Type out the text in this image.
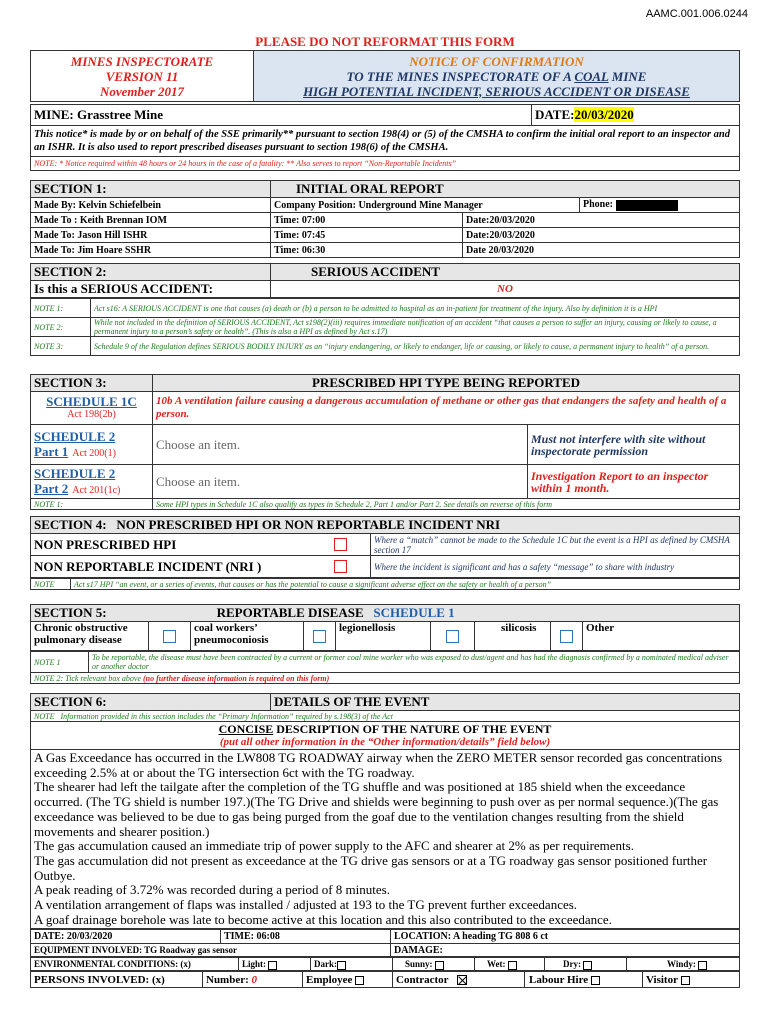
AAMC.001.006.0244
PLEASE DO NOT REFORMAT THIS FORM
MINES INSPECTORATE
VERSION 11
November 2017

NOTICE OF CONFIRMATION
TO THE MINES INSPECTORATE OF A COAL MINE
HIGH POTENTIAL INCIDENT, SERIOUS ACCIDENT OR DISEASE
MINE: Grasstree Mine	DATE:20/03/2020
This notice* is made by or on behalf of the SSE primarily** pursuant to section 198(4) or (5) of the CMSHA to confirm the initial oral report to an inspector and an ISHR. It is also used to report prescribed diseases pursuant to section 198(6) of the CMSHA.
NOTE: * Notice required within 48 hours or 24 hours in the case of a fatality: ** Also serves to report “Non-Reportable Incidents”
SECTION 1:	INITIAL ORAL REPORT		
Made By: Kelvin Schiefelbein	Company Position: Underground Mine Manager		Phone:
Made To : Keith Brennan IOM	Time: 07:00	Date:20/03/2020	
Made To: Jason Hill ISHR	Time: 07:45	Date:20/03/2020	
Made To: Jim Hoare SSHR	Time: 06:30	Date 20/03/2020	
SECTION 2:	SERIOUS ACCIDENT
Is this a SERIOUS ACCIDENT:	NO
NOTE 1:	Act s16: A SERIOUS ACCIDENT is one that causes (a) death or (b) a person to be admitted to hospital as an in-patient for treatment of the injury. Also by definition it is a HPI
NOTE 2:	While not included in the definition of SERIOUS ACCIDENT, Act s198(2)(iii) requires immediate notification of an accident “that causes a person to suffer an injury, causing or likely to cause, a permanent injury to a person’s safety or health”. (This is also a HPI as defined by Act s.17)
NOTE 3:	Schedule 9 of the Regulation defines SERIOUS BODILY INJURY as an “injury endangering, or likely to endanger, life or causing, or likely to cause, a permanent injury to health” of a person.
SECTION 3:	PRESCRIBED HPI TYPE BEING REPORTED	

SCHEDULE 1C
Act 198(2b)	10b A ventilation failure causing a dangerous accumulation of methane or other gas that endangers the safety and health of a person.	

SCHEDULE 2
Part 1 Act 200(1)	Choose an item.	Must not interfere with site without inspectorate permission

SCHEDULE 2
Part 2 Act 201(1c)	Choose an item.	Investigation Report to an inspector within 1 month.
NOTE 1:	Some HPI types in Schedule 1C also qualify as types in Schedule 2, Part 1 and/or Part 2. See details on reverse of this form	
SECTION 4: NON PRESCRIBED HPI OR NON REPORTABLE INCIDENT NRI		
NON PRESCRIBED HPI		Where a “match” cannot be made to the Schedule 1C but the event is a HPI as defined by CMSHA section 17
NON REPORTABLE INCIDENT (NRI )		Where the incident is significant and has a safety “message” to share with industry
NOTE	Act s17 HPI “an event, or a series of events, that causes or has the potential to cause a significant adverse effect on the safety or health of a person”
SECTION 5:	REPORTABLE DISEASE SCHEDULE 1
Chronic obstructive pulmonary disease		coal workers’ pneumoconiosis		legionellosis		silicosis		Other
NOTE 1	To be reportable, the disease must have been contracted by a current or former coal mine worker who was exposed to dust/agent and has had the diagnosis confirmed by a nominated medical adviser or another doctor
NOTE 2: Tick relevant box above (no further disease information is required on this form)
SECTION 6:	DETAILS OF THE EVENT
NOTE Information provided in this section includes the “Primary Information” required by s.198(3) of the Act

CONCISE DESCRIPTION OF THE NATURE OF THE EVENT
(put all other information in the “Other information/details” field below)

A Gas Exceedance has occurred in the LW808 TG ROADWAY airway when the ZERO METER sensor recorded gas concentrations exceeding 2.5% at or about the TG intersection 6ct with the TG roadway.
The shearer had left the tailgate after the completion of the TG shuffle and was positioned at 185 shield when the exceedance occurred. (The TG shield is number 197.)(The TG Drive and shields were beginning to push over as per normal sequence.)(The gas exceedance was believed to be due to gas being purged from the goaf due to the ventilation changes resulting from the shield movements and shearer position.)
The gas accumulation caused an immediate trip of power supply to the AFC and shearer at 2% as per requirements.
The gas accumulation did not present as exceedance at the TG drive gas sensors or at a TG roadway gas sensor positioned further Outbye.
A peak reading of 3.72% was recorded during a period of 8 minutes.
A ventilation arrangement of flaps was installed / adjusted at 193 to the TG prevent further exceedances.
A goaf drainage borehole was late to become active at this location and this also contributed to the exceedance.
DATE: 20/03/2020	TIME: 06:08	LOCATION: A heading TG 808 6 ct
EQUIPMENT INVOLVED: TG Roadway gas sensor		DAMAGE:
ENVIRONMENTAL CONDITIONS: (x)	Light:	Dark:	Sunny:	Wet:	Dry:	Windy:
PERSONS INVOLVED: (x)	Number: 0	Employee	Contractor	Labour Hire	Visitor
